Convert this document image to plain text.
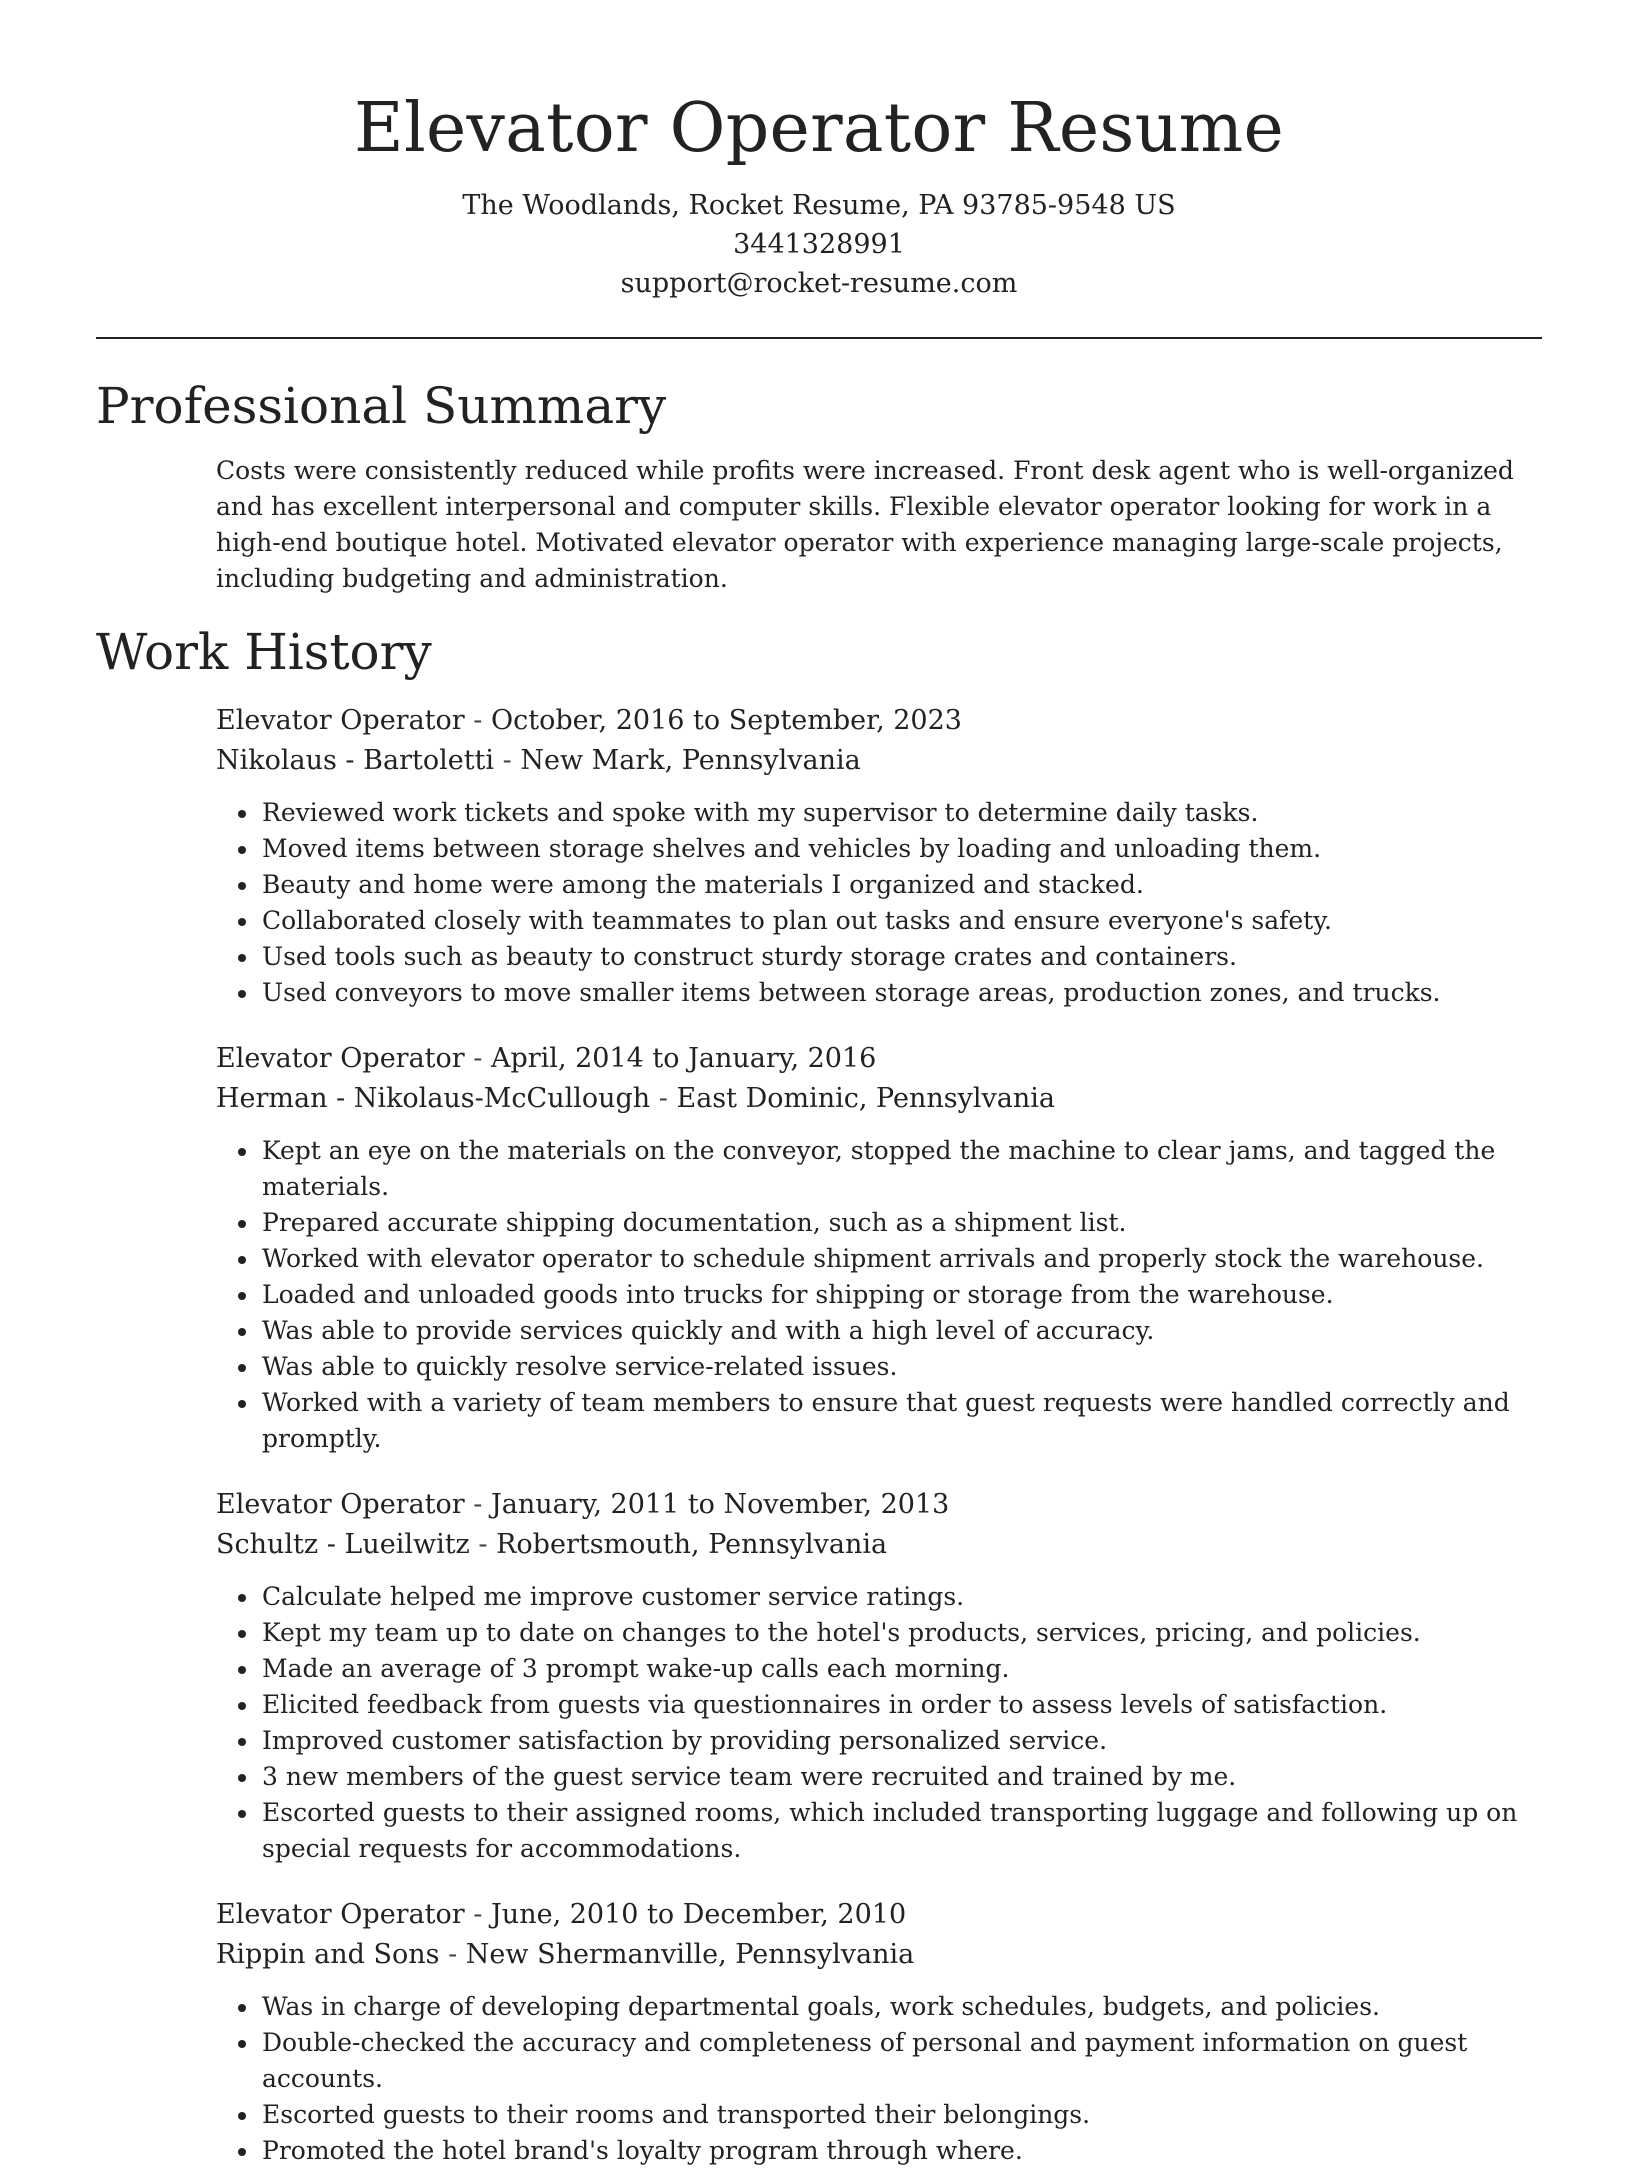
Elevator Operator Resume

The Woodlands, Rocket Resume, PA 93785-9548 US

3441328991

support@rocket-resume.com

Professional Summary

Costs were consistently reduced while profits were increased. Front desk agent who is well-organized and has excellent interpersonal and computer skills. Flexible elevator operator looking for work in a high-end boutique hotel. Motivated elevator operator with experience managing large-scale projects, including budgeting and administration.

Work History

Elevator Operator - October, 2016 to September, 2023

Nikolaus - Bartoletti - New Mark, Pennsylvania

• Reviewed work tickets and spoke with my supervisor to determine daily tasks.
• Moved items between storage shelves and vehicles by loading and unloading them.
• Beauty and home were among the materials I organized and stacked.
• Collaborated closely with teammates to plan out tasks and ensure everyone's safety.
• Used tools such as beauty to construct sturdy storage crates and containers.
• Used conveyors to move smaller items between storage areas, production zones, and trucks.

Elevator Operator - April, 2014 to January, 2016

Herman - Nikolaus-McCullough - East Dominic, Pennsylvania

• Kept an eye on the materials on the conveyor, stopped the machine to clear jams, and tagged the materials.
• Prepared accurate shipping documentation, such as a shipment list.
• Worked with elevator operator to schedule shipment arrivals and properly stock the warehouse.
• Loaded and unloaded goods into trucks for shipping or storage from the warehouse.
• Was able to provide services quickly and with a high level of accuracy.
• Was able to quickly resolve service-related issues.
• Worked with a variety of team members to ensure that guest requests were handled correctly and promptly.

Elevator Operator - January, 2011 to November, 2013

Schultz - Lueilwitz - Robertsmouth, Pennsylvania

• Calculate helped me improve customer service ratings.
• Kept my team up to date on changes to the hotel's products, services, pricing, and policies.
• Made an average of 3 prompt wake-up calls each morning.
• Elicited feedback from guests via questionnaires in order to assess levels of satisfaction.
• Improved customer satisfaction by providing personalized service.
• 3 new members of the guest service team were recruited and trained by me.
• Escorted guests to their assigned rooms, which included transporting luggage and following up on special requests for accommodations.

Elevator Operator - June, 2010 to December, 2010

Rippin and Sons - New Shermanville, Pennsylvania

• Was in charge of developing departmental goals, work schedules, budgets, and policies.
• Double-checked the accuracy and completeness of personal and payment information on guest accounts.
• Escorted guests to their rooms and transported their belongings.
• Promoted the hotel brand's loyalty program through where.
